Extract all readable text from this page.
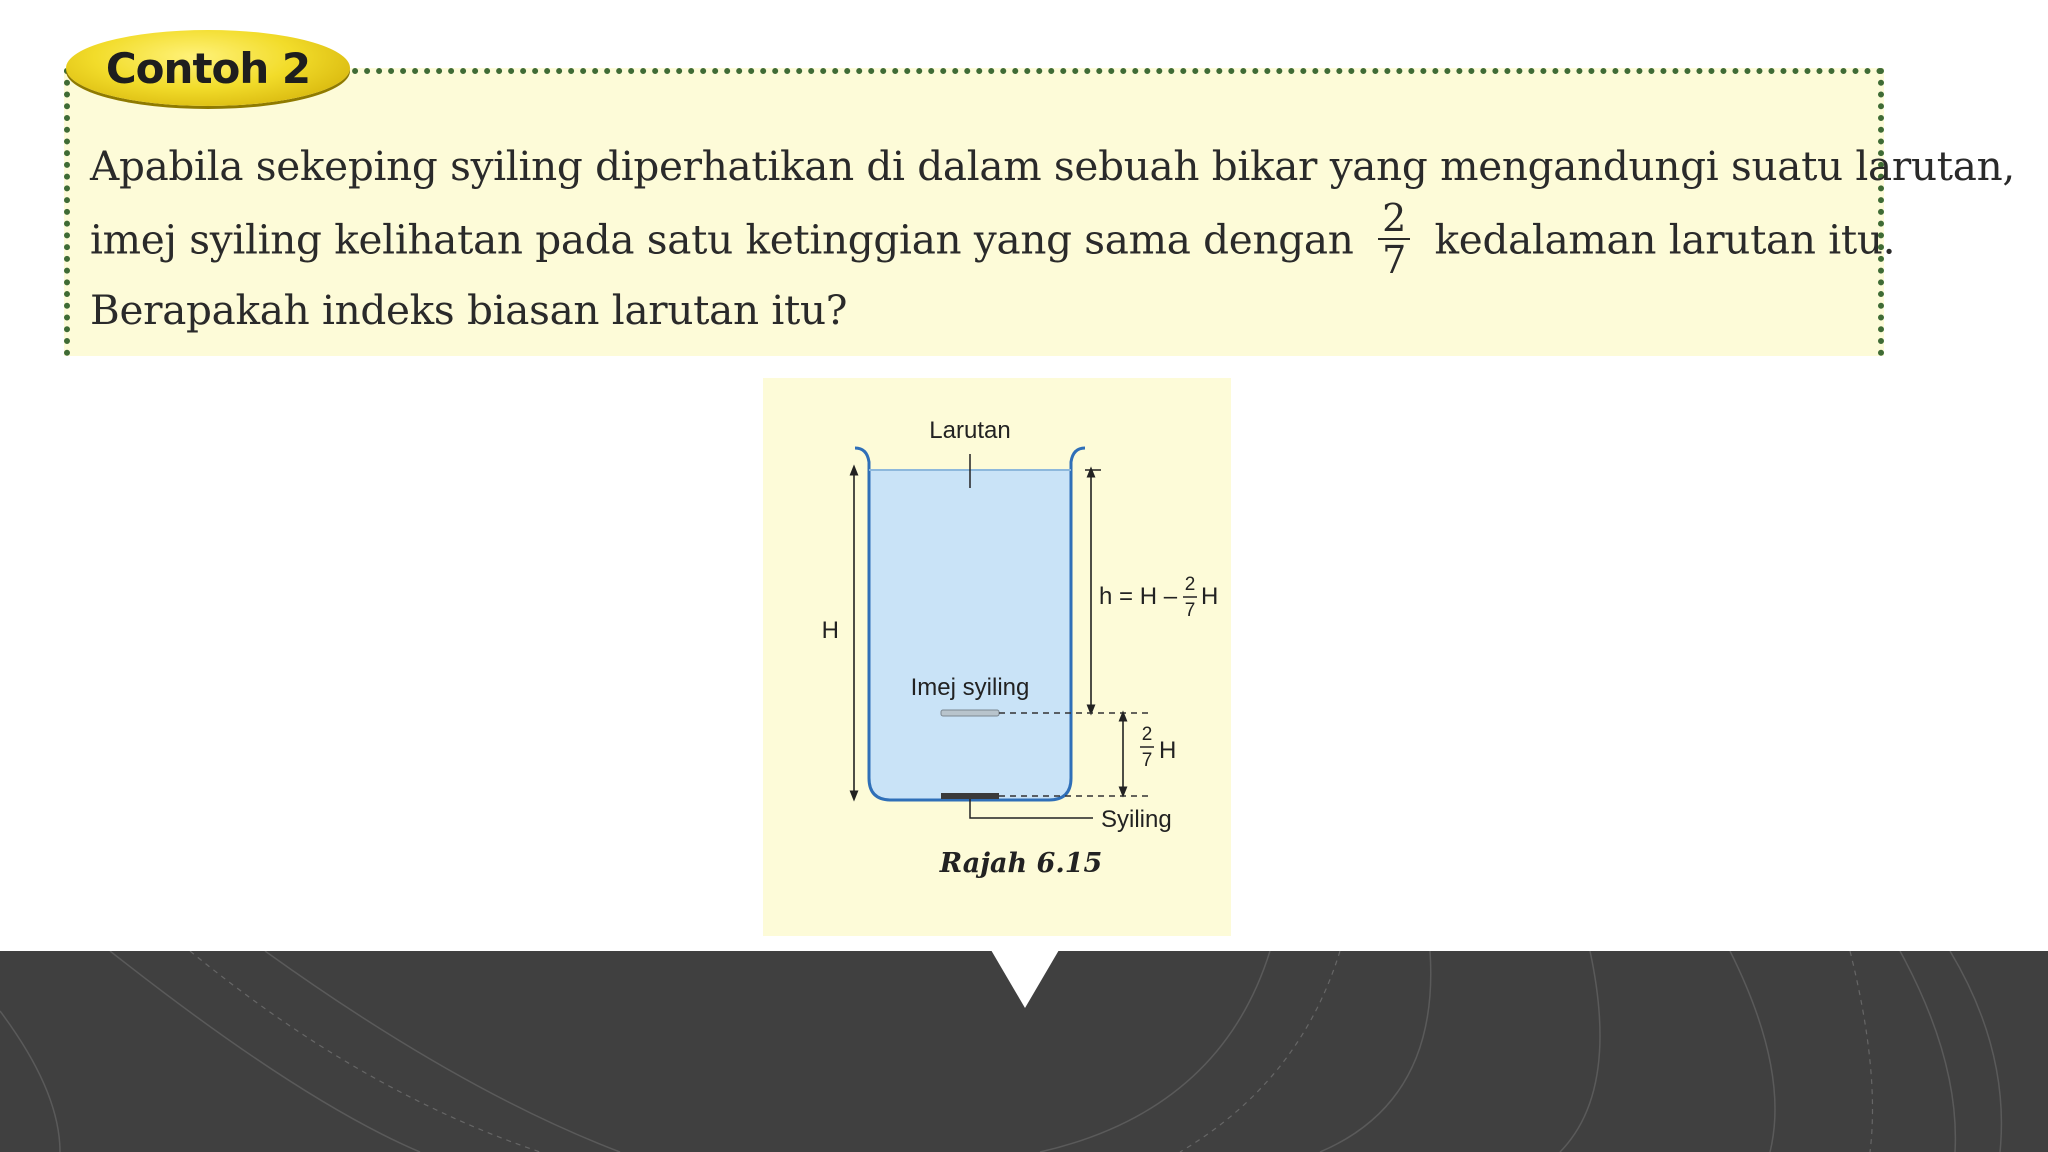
Contoh 2
Apabila sekeping syiling diperhatikan di dalam sebuah bikar yang mengandungi suatu larutan,
imej syiling kelihatan pada satu ketinggian yang sama dengan $\frac{2}{7}$ kedalaman larutan itu.
Berapakah indeks biasan larutan itu?
Larutan
H
h = H – 2
7
H
Imej syiling
2
7 H
Syiling
Rajah 6.15
